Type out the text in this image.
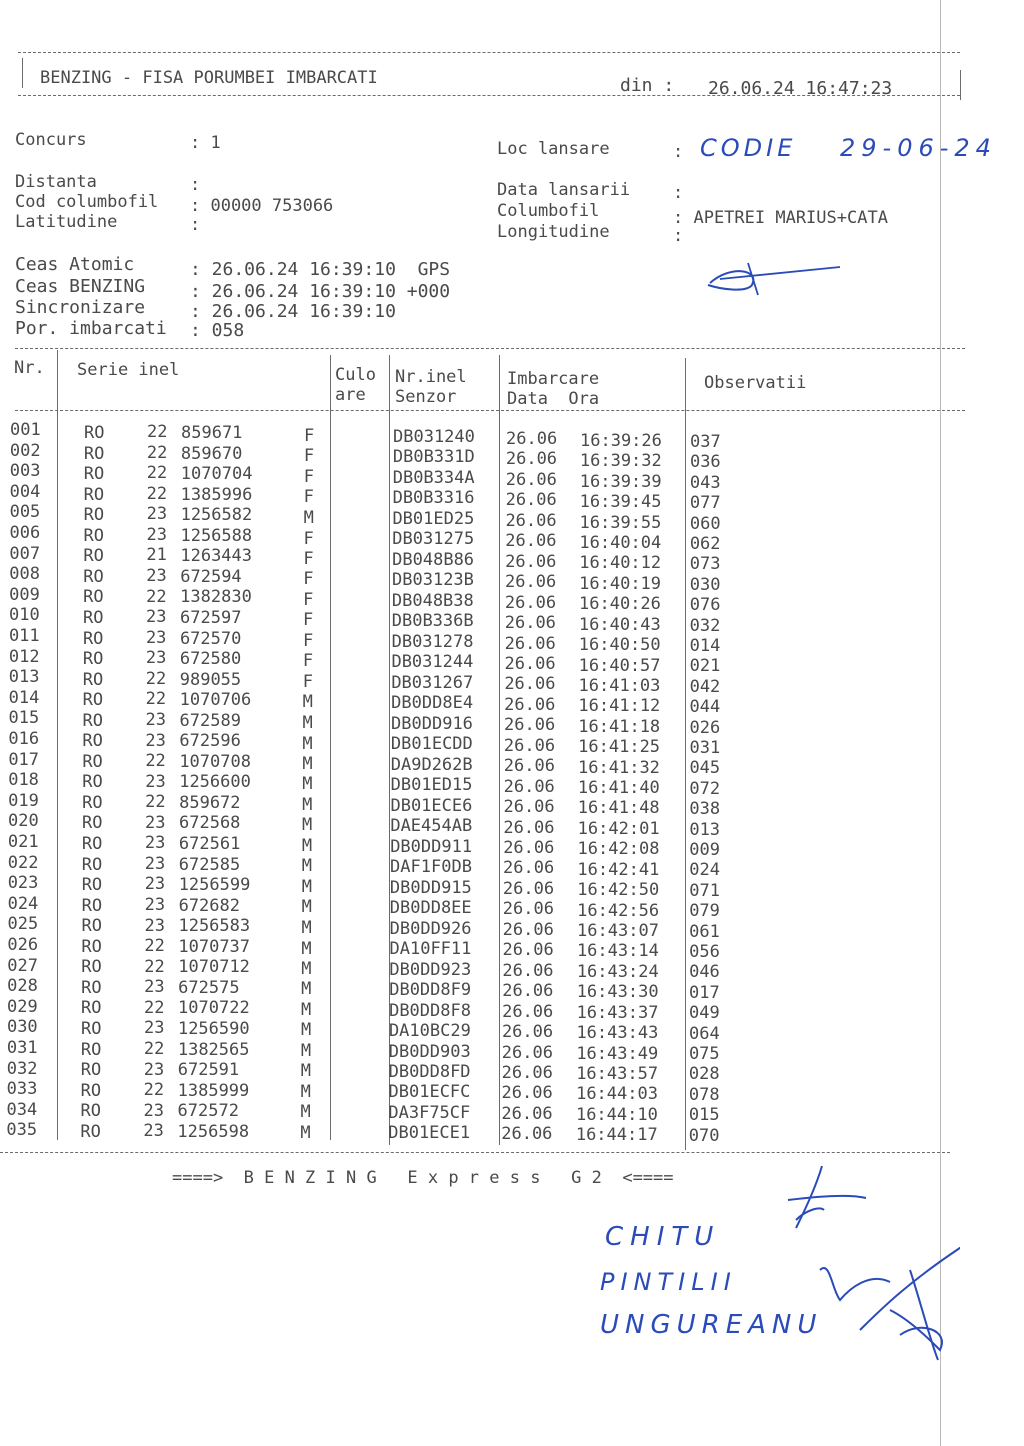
BENZING - FISA PORUMBEI IMBARCATI	din : 26.06.24 16:47:23
Concurs	: 1
Distanta	:
Cod columbofil : 00000 753066
Latitudine	:
Loc lansare	:
Data lansarii	:
Columbofil	: APETREI MARIUS+CATA
Longitudine	:
CODIE 29-06-24
Ceas Atomic	: 26.06.24 16:39:10  GPS
Ceas BENZING : 26.06.24 16:39:10 +000
Sincronizare : 26.06.24 16:39:10
Por. imbarcati : 058
Nr. Serie inel	Culo
are
Nr.inel
Senzor
Imbarcare
Data  Ora
Observatii
001	RO	22 859671	F	DB031240 26.06 16:39:26 037
002	RO	22 859670	F	DB0B331D 26.06 16:39:32 036
003	RO	22 1070704	F	DB0B334A 26.06 16:39:39 043
004	RO	22 1385996	F	DB0B3316 26.06 16:39:45 077
005	RO	23 1256582	M	DB01ED25 26.06 16:39:55 060
006	RO	23 1256588	F	DB031275 26.06 16:40:04 062
007	RO	21 1263443	F	DB048B86 26.06 16:40:12 073
008	RO	23 672594	F	DB03123B 26.06 16:40:19 030
009	RO	22 1382830	F	DB048B38 26.06 16:40:26 076
010	RO	23 672597	F	DB0B336B 26.06 16:40:43 032
011	RO	23 672570	F	DB031278 26.06 16:40:50 014
012	RO	23 672580	F	DB031244 26.06 16:40:57 021
013	RO	22 989055	F	DB031267 26.06 16:41:03 042
014	RO	22 1070706	M	DB0DD8E4 26.06 16:41:12 044
015	RO	23 672589	M	DB0DD916 26.06 16:41:18 026
016	RO	23 672596	M	DB01ECDD 26.06 16:41:25 031
017	RO	22 1070708	M	DA9D262B 26.06 16:41:32 045
018	RO	23 1256600	M	DB01ED15 26.06 16:41:40 072
019	RO	22 859672	M	DB01ECE6 26.06 16:41:48 038
020	RO	23 672568	M	DAE454AB 26.06 16:42:01 013
021	RO	23 672561	M	DB0DD911 26.06 16:42:08 009
022	RO	23 672585	M	DAF1F0DB 26.06 16:42:41 024
023	RO	23 1256599	M	DB0DD915 26.06 16:42:50 071
024	RO	23 672682	M	DB0DD8EE 26.06 16:42:56 079
025	RO	23 1256583	M	DB0DD926 26.06 16:43:07 061
026	RO	22 1070737	M	DA10FF11 26.06 16:43:14 056
027	RO	22 1070712	M	DB0DD923 26.06 16:43:24 046
028	RO	23 672575	M	DB0DD8F9 26.06 16:43:30 017
029	RO	22 1070722	M	DB0DD8F8 26.06 16:43:37 049
030	RO	23 1256590	M	DA10BC29 26.06 16:43:43 064
031	RO	22 1382565	M	DB0DD903 26.06 16:43:49 075
032	RO	23 672591	M	DB0DD8FD 26.06 16:43:57 028
033	RO	22 1385999	M	DB01ECFC 26.06 16:44:03 078
034	RO	23 672572	M	DA3F75CF 26.06 16:44:10 015
035	RO	23 1256598	M	DB01ECE1 26.06 16:44:17 070
====>  B E N Z I N G   E x p r e s s   G 2  <====
CHITU
PINTILII
UNGUREANU
